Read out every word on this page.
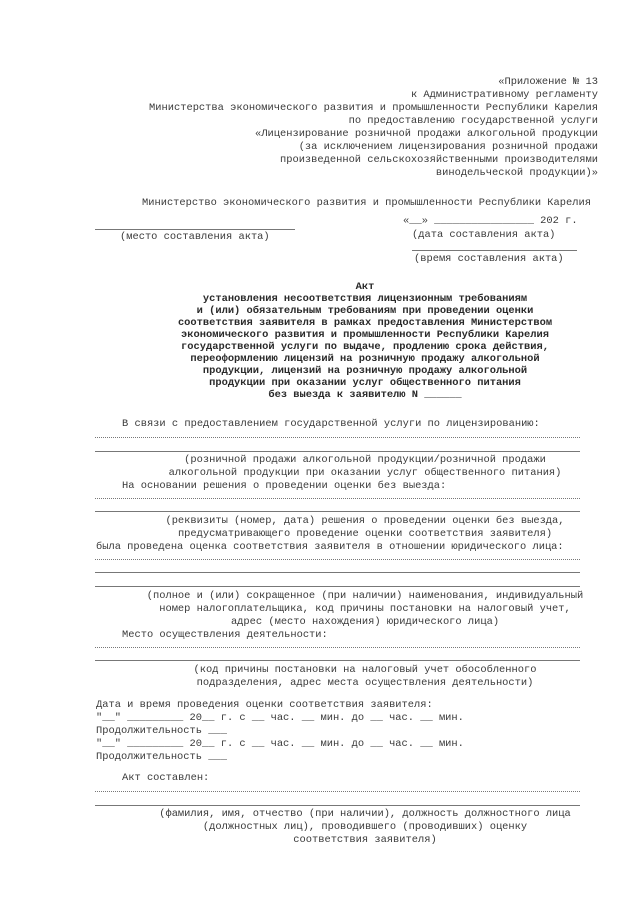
«Приложение № 13
к Административному регламенту
Министерства экономического развития и промышленности Республики Карелия
по предоставлению государственной услуги
«Лицензирование розничной продажи алкогольной продукции
(за исключением лицензирования розничной продажи
произведенной сельскохозяйственными производителями
винодельческой продукции)»
Министерство экономического развития и промышленности Республики Карелия
(место составления акта)
«__» ________________ 202 г.
(дата составления акта)
(время составления акта)
Акт
установления несоответствия лицензионным требованиям
и (или) обязательным требованиям при проведении оценки
соответствия заявителя в рамках предоставления Министерством
экономического развития и промышленности Республики Карелия
государственной услуги по выдаче, продлению срока действия,
переоформлению лицензий на розничную продажу алкогольной
продукции, лицензий на розничную продажу алкогольной
продукции при оказании услуг общественного питания
без выезда к заявителю N ______
В связи с предоставлением государственной услуги по лицензированию:
(розничной продажи алкогольной продукции/розничной продажи
алкогольной продукции при оказании услуг общественного питания)
На основании решения о проведении оценки без выезда:
(реквизиты (номер, дата) решения о проведении оценки без выезда,
предусматривающего проведение оценки соответствия заявителя)
была проведена оценка соответствия заявителя в отношении юридического лица:
(полное и (или) сокращенное (при наличии) наименования, индивидуальный
номер налогоплательщика, код причины постановки на налоговый учет,
адрес (место нахождения) юридического лица)
Место осуществления деятельности:
(код причины постановки на налоговый учет обособленного
подразделения, адрес места осуществления деятельности)
Дата и время проведения оценки соответствия заявителя:
"__" _________ 20__ г. с __ час. __ мин. до __ час. __ мин.
Продолжительность ___
"__" _________ 20__ г. с __ час. __ мин. до __ час. __ мин.
Продолжительность ___
Акт составлен:
(фамилия, имя, отчество (при наличии), должность должностного лица
(должностных лиц), проводившего (проводивших) оценку
соответствия заявителя)
